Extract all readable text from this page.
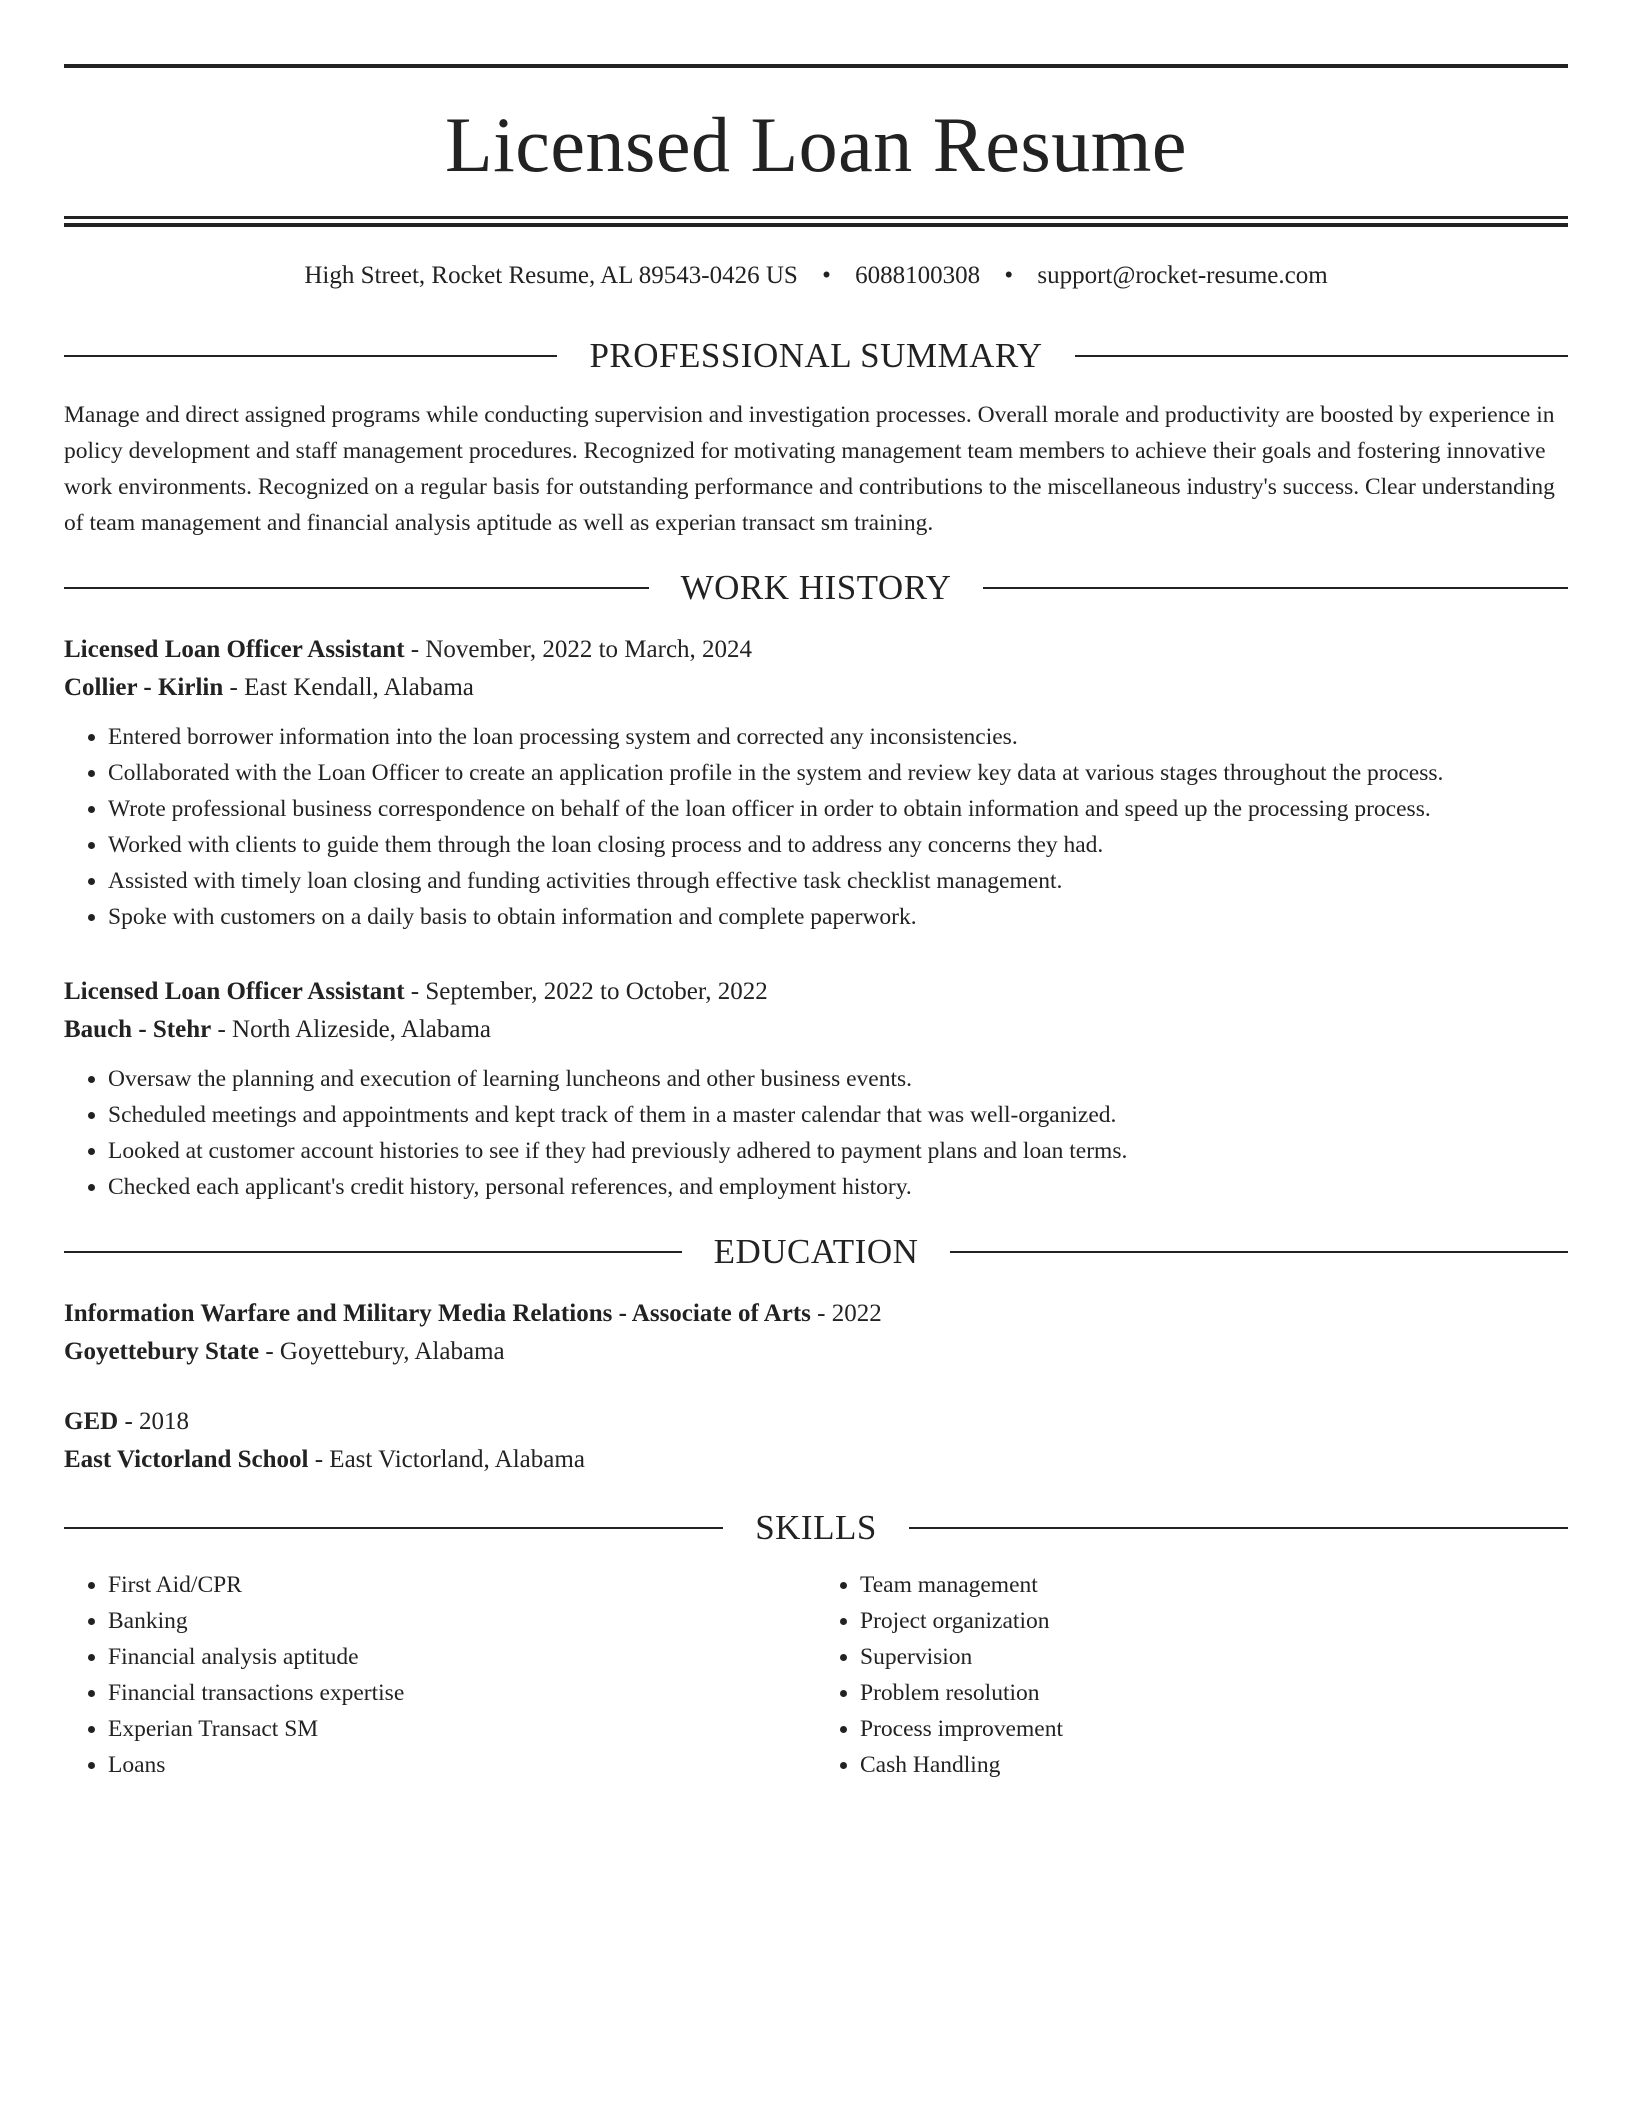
Licensed Loan Resume
High Street, Rocket Resume, AL 89543-0426 US • 6088100308 • support@rocket-resume.com
PROFESSIONAL SUMMARY
Manage and direct assigned programs while conducting supervision and investigation processes. Overall morale and productivity are boosted by experience in policy development and staff management procedures. Recognized for motivating management team members to achieve their goals and fostering innovative work environments. Recognized on a regular basis for outstanding performance and contributions to the miscellaneous industry's success. Clear understanding of team management and financial analysis aptitude as well as experian transact sm training.
WORK HISTORY
Licensed Loan Officer Assistant - November, 2022 to March, 2024
Collier - Kirlin - East Kendall, Alabama
• Entered borrower information into the loan processing system and corrected any inconsistencies.
• Collaborated with the Loan Officer to create an application profile in the system and review key data at various stages throughout the process.
• Wrote professional business correspondence on behalf of the loan officer in order to obtain information and speed up the processing process.
• Worked with clients to guide them through the loan closing process and to address any concerns they had.
• Assisted with timely loan closing and funding activities through effective task checklist management.
• Spoke with customers on a daily basis to obtain information and complete paperwork.
Licensed Loan Officer Assistant - September, 2022 to October, 2022
Bauch - Stehr - North Alizeside, Alabama
• Oversaw the planning and execution of learning luncheons and other business events.
• Scheduled meetings and appointments and kept track of them in a master calendar that was well-organized.
• Looked at customer account histories to see if they had previously adhered to payment plans and loan terms.
• Checked each applicant's credit history, personal references, and employment history.
EDUCATION
Information Warfare and Military Media Relations - Associate of Arts - 2022
Goyettebury State - Goyettebury, Alabama
GED - 2018
East Victorland School - East Victorland, Alabama
SKILLS
• First Aid/CPR
• Banking
• Financial analysis aptitude
• Financial transactions expertise
• Experian Transact SM
• Loans
• Team management
• Project organization
• Supervision
• Problem resolution
• Process improvement
• Cash Handling
